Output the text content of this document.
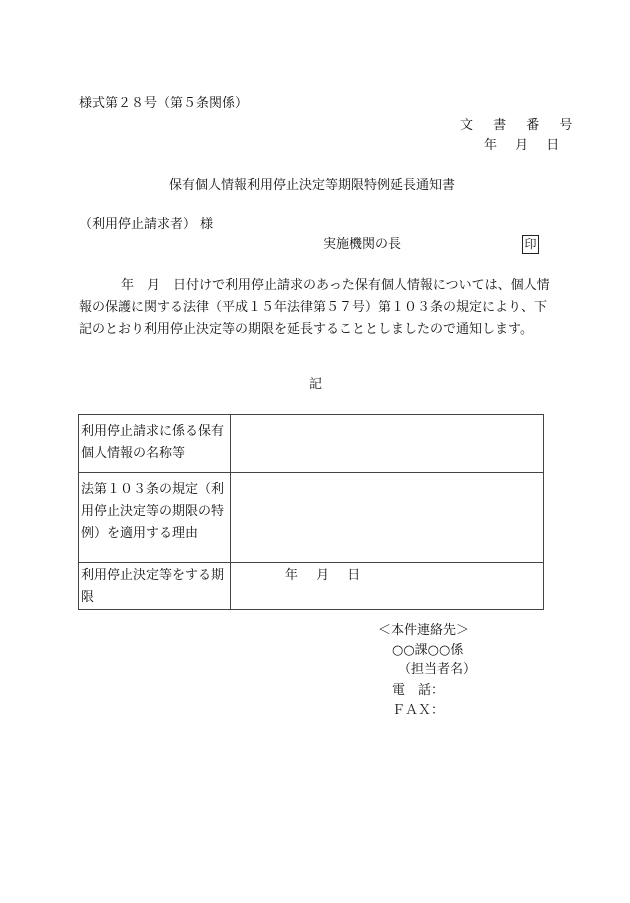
様式第２８号（第５条関係）
文 書 番 号
年 月 日
保有個人情報利用停止決定等期限特例延長通知書
（利用停止請求者） 様
実施機関の長	印
年　月　日付けで利用停止請求のあった保有個人情報については、個人情報の保護に関する法律（平成１５年法律第５７号）第１０３条の規定により、下記のとおり利用停止決定等の期限を延長することとしましたので通知します。
記
利用停止請求に係る保有個人情報の名称等	
法第１０３条の規定（利用停止決定等の期限の特例）を適用する理由	
利用停止決定等をする期限	年 月 日
＜本件連絡先＞
○○課○○係
（担当者名）
電　話：
ＦＡＸ：
